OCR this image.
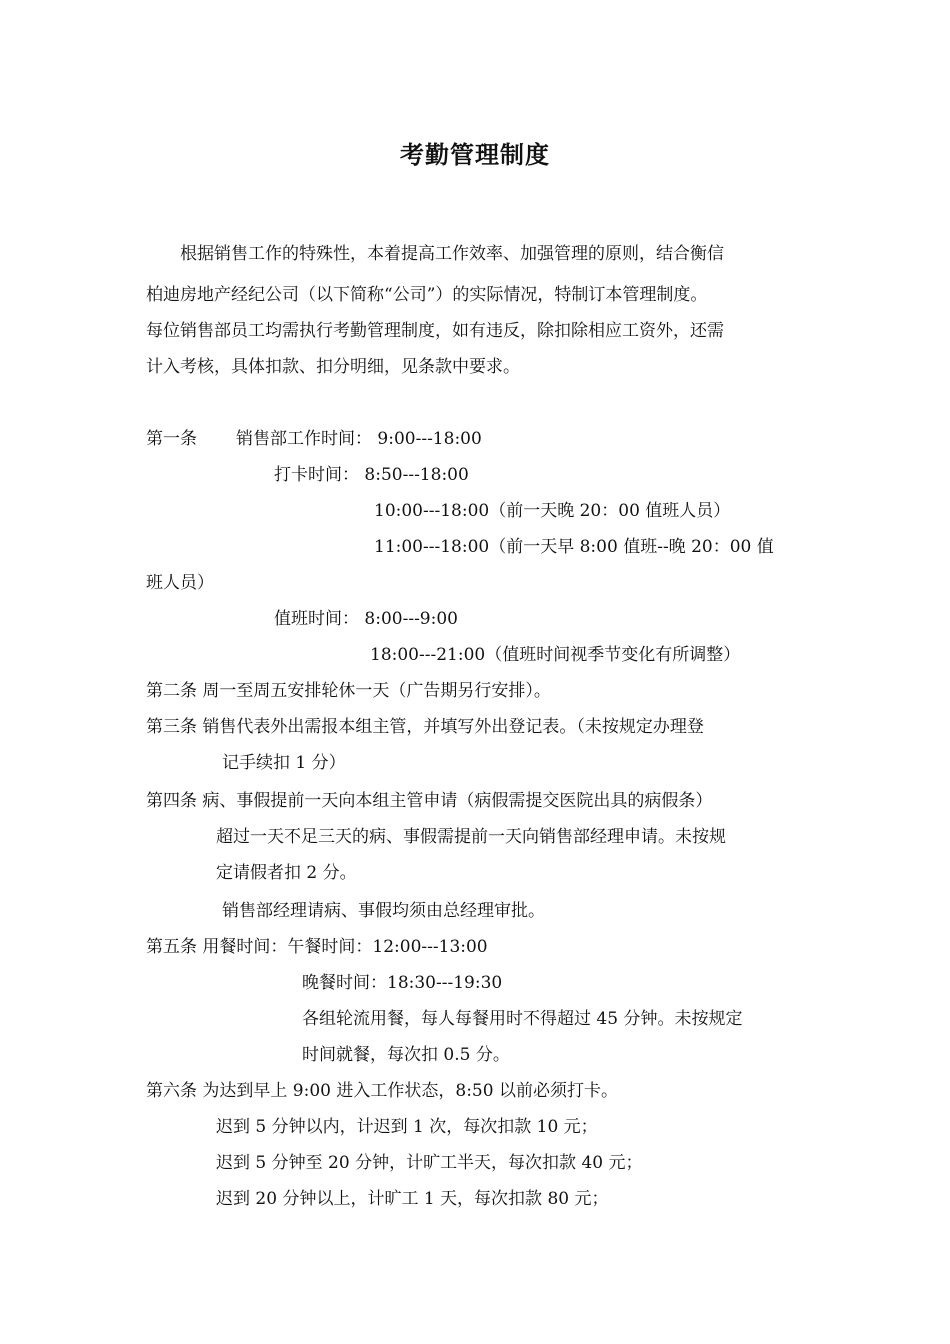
考勤管理制度
根据销售工作的特殊性，本着提高工作效率、加强管理的原则，结合衡信
柏迪房地产经纪公司（以下简称“公司”）的实际情况，特制订本管理制度。
每位销售部员工均需执行考勤管理制度，如有违反，除扣除相应工资外，还需
计入考核，具体扣款、扣分明细，见条款中要求。
第一条 销售部工作时间： 9:00---18:00
打卡时间： 8:50---18:00
10:00---18:00（前一天晚 20：00 值班人员）
11:00---18:00（前一天早 8:00 值班--晚 20：00 值
班人员）
值班时间： 8:00---9:00
18:00---21:00（值班时间视季节变化有所调整）
第二条 周一至周五安排轮休一天（广告期另行安排）。
第三条 销售代表外出需报本组主管，并填写外出登记表。（未按规定办理登
记手续扣 1 分）
第四条 病、事假提前一天向本组主管申请（病假需提交医院出具的病假条）
超过一天不足三天的病、事假需提前一天向销售部经理申请。未按规
定请假者扣 2 分。
销售部经理请病、事假均须由总经理审批。
第五条 用餐时间：午餐时间：12:00---13:00
晚餐时间：18:30---19:30
各组轮流用餐，每人每餐用时不得超过 45 分钟。未按规定
时间就餐，每次扣 0.5 分。
第六条 为达到早上 9:00 进入工作状态，8:50 以前必须打卡。
迟到 5 分钟以内，计迟到 1 次，每次扣款 10 元；
迟到 5 分钟至 20 分钟，计旷工半天，每次扣款 40 元；
迟到 20 分钟以上，计旷工 1 天，每次扣款 80 元；
